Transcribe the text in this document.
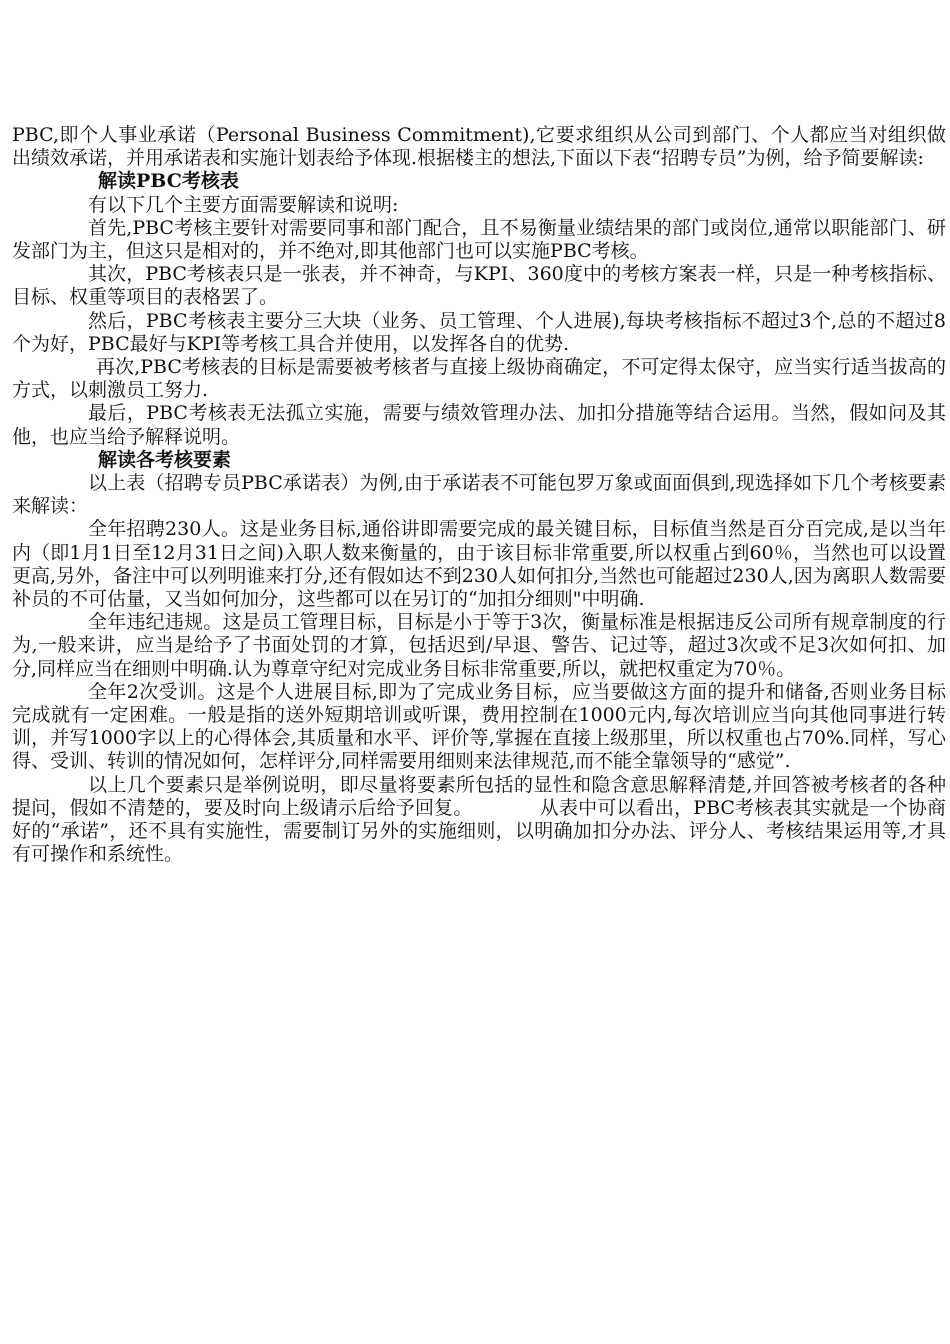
PBC,即个人事业承诺（Personal Business Commitment),它要求组织从公司到部门、个人都应当对组织做出绩效承诺，并用承诺表和实施计划表给予体现.根据楼主的想法,下面以下表“招聘专员”为例，给予简要解读:

解读PBC考核表

有以下几个主要方面需要解读和说明:

首先,PBC考核主要针对需要同事和部门配合，且不易衡量业绩结果的部门或岗位,通常以职能部门、研发部门为主，但这只是相对的，并不绝对,即其他部门也可以实施PBC考核。

其次，PBC考核表只是一张表，并不神奇，与KPI、360度中的考核方案表一样，只是一种考核指标、目标、权重等项目的表格罢了。

然后，PBC考核表主要分三大块（业务、员工管理、个人进展),每块考核指标不超过3个,总的不超过8个为好，PBC最好与KPI等考核工具合并使用，以发挥各自的优势.

再次,PBC考核表的目标是需要被考核者与直接上级协商确定，不可定得太保守，应当实行适当拔高的方式，以刺激员工努力.

最后，PBC考核表无法孤立实施，需要与绩效管理办法、加扣分措施等结合运用。当然，假如问及其他，也应当给予解释说明。

解读各考核要素

以上表（招聘专员PBC承诺表）为例,由于承诺表不可能包罗万象或面面俱到,现选择如下几个考核要素来解读：

全年招聘230人。这是业务目标,通俗讲即需要完成的最关键目标，目标值当然是百分百完成,是以当年内（即1月1日至12月31日之间)入职人数来衡量的，由于该目标非常重要,所以权重占到60％，当然也可以设置更高,另外，备注中可以列明谁来打分,还有假如达不到230人如何扣分,当然也可能超过230人,因为离职人数需要补员的不可估量，又当如何加分，这些都可以在另订的“加扣分细则"中明确.

全年违纪违规。这是员工管理目标，目标是小于等于3次，衡量标准是根据违反公司所有规章制度的行为,一般来讲，应当是给予了书面处罚的才算，包括迟到/早退、警告、记过等，超过3次或不足3次如何扣、加分,同样应当在细则中明确.认为尊章守纪对完成业务目标非常重要,所以，就把权重定为70％。

全年2次受训。这是个人进展目标,即为了完成业务目标，应当要做这方面的提升和储备,否则业务目标完成就有一定困难。一般是指的送外短期培训或听课，费用控制在1000元内,每次培训应当向其他同事进行转训，并写1000字以上的心得体会,其质量和水平、评价等,掌握在直接上级那里，所以权重也占70%.同样，写心得、受训、转训的情况如何，怎样评分,同样需要用细则来法律规范,而不能全靠领导的“感觉”.

以上几个要素只是举例说明，即尽量将要素所包括的显性和隐含意思解释清楚,并回答被考核者的各种提问，假如不清楚的，要及时向上级请示后给予回复。　　　　从表中可以看出，PBC考核表其实就是一个协商好的“承诺”，还不具有实施性，需要制订另外的实施细则，以明确加扣分办法、评分人、考核结果运用等,才具有可操作和系统性。
